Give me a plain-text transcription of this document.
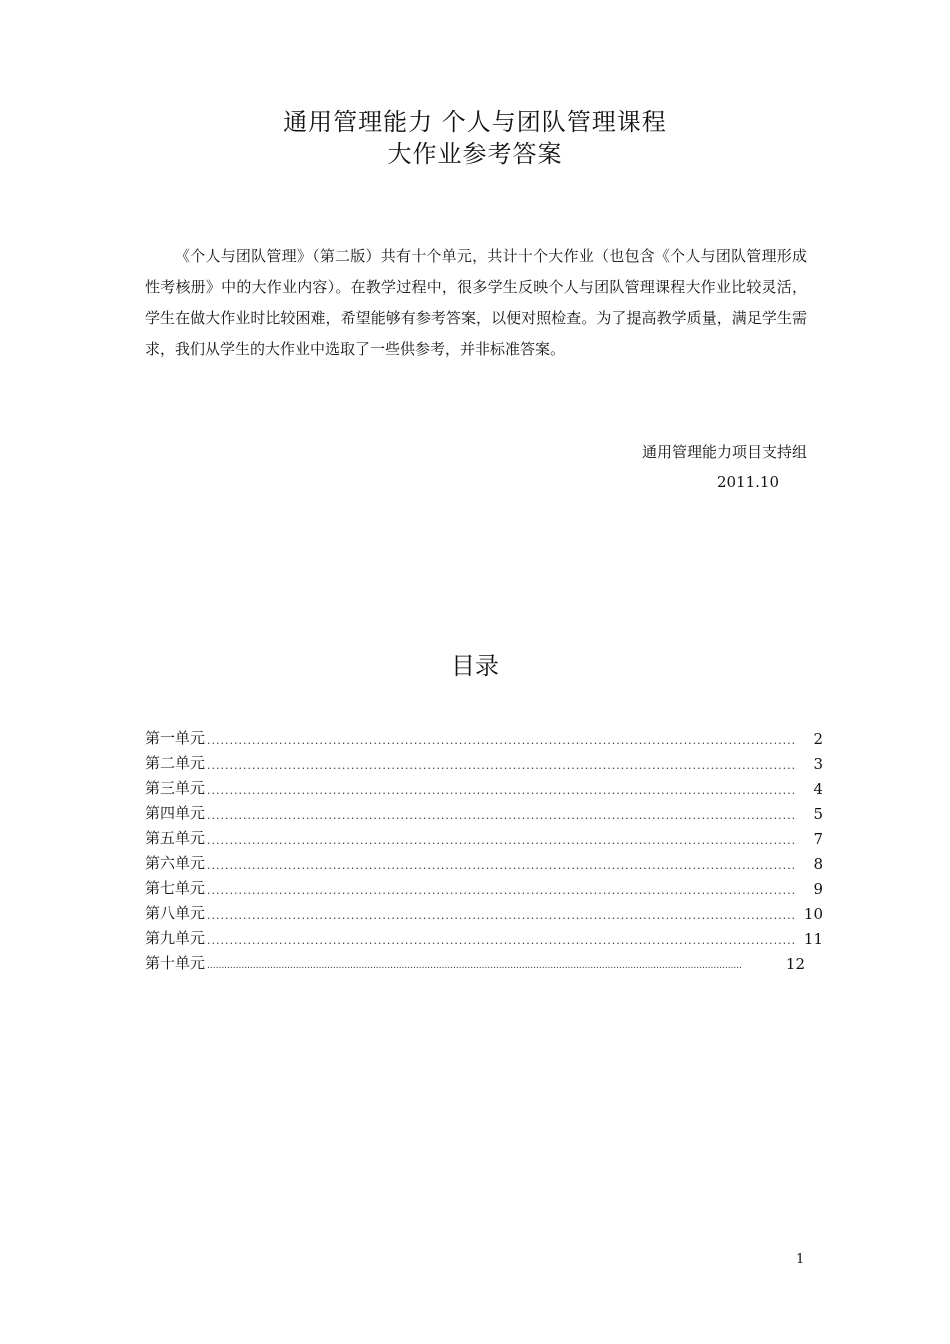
通用管理能力 个人与团队管理课程
大作业参考答案

《个人与团队管理》（第二版）共有十个单元，共计十个大作业（也包含《个人与团队管理形成性考核册》中的大作业内容）。在教学过程中，很多学生反映个人与团队管理课程大作业比较灵活，学生在做大作业时比较困难，希望能够有参考答案，以便对照检查。为了提高教学质量，满足学生需求，我们从学生的大作业中选取了一些供参考，并非标准答案。

通用管理能力项目支持组
2011.10
目录
第一单元 .....	2
第二单元 .....	3
第三单元 .....	4
第四单元 .....	5
第五单元 .....	7
第六单元 .....	8
第七单元 .....	9
第八单元 .....	10
第九单元 .....	11
第十单元 .....	12
1
